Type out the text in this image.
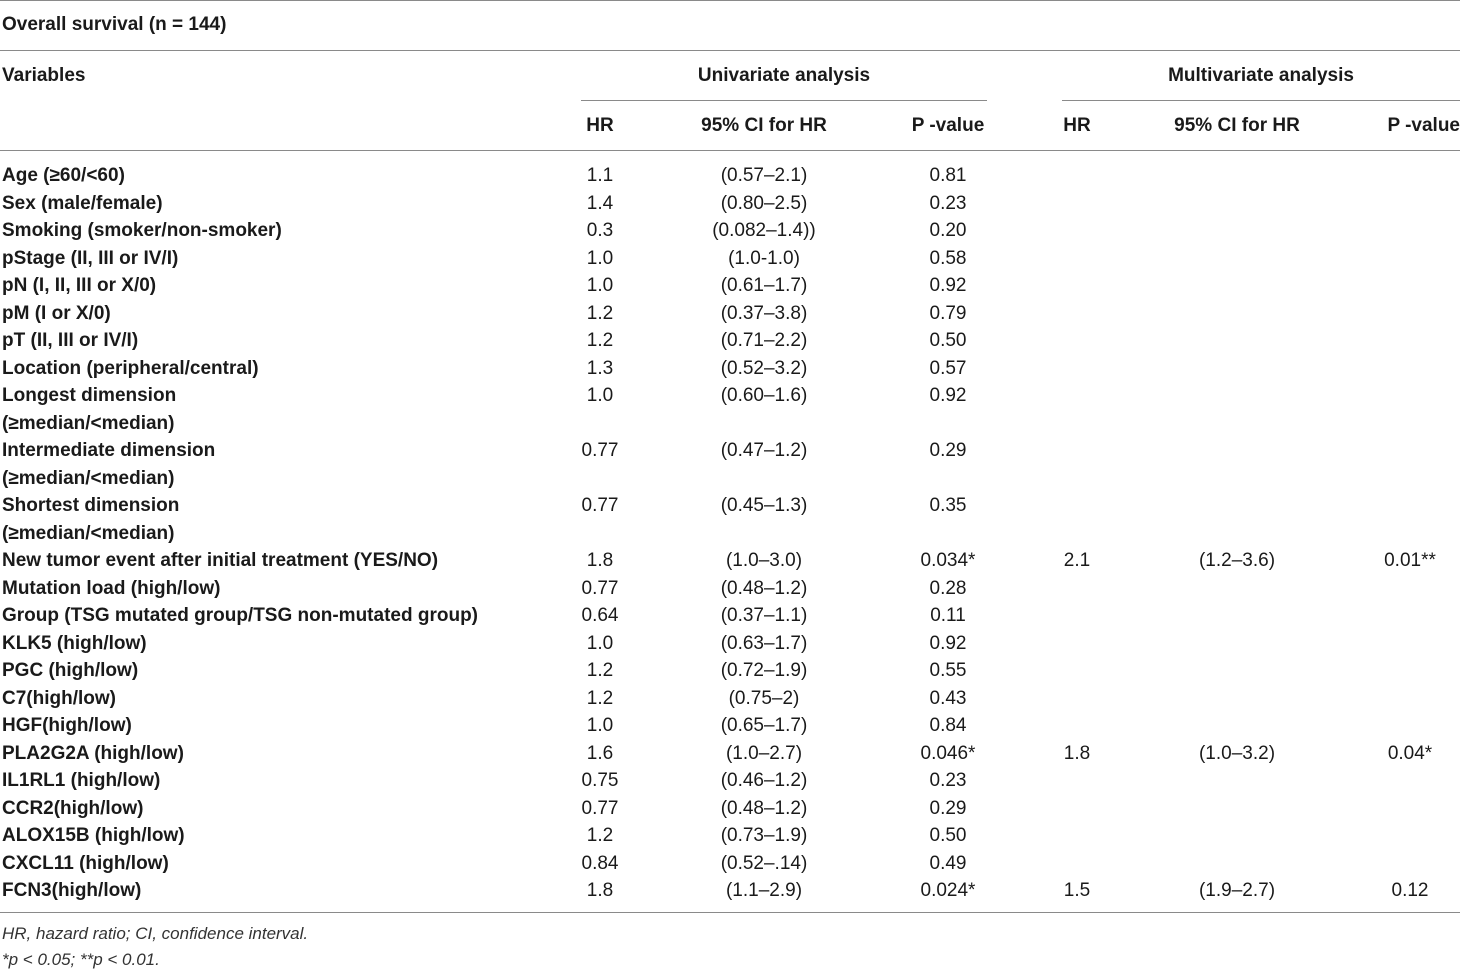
Overall survival (n = 144)
Variables	Univariate analysis	Multivariate analysis
HR	95% CI for HR	P -value	HR	95% CI for HR	P -value
Age (≥60/<60)	1.1		(0.57–2.1)		0.81						

Sex (male/female)	1.4		(0.80–2.5)		0.23						

Smoking (smoker/non-smoker)	0.3		(0.082–1.4))		0.20						

pStage (II, III or IV/I)	1.0		(1.0-1.0)		0.58						

pN (I, II, III or X/0)	1.0		(0.61–1.7)		0.92						

pM (I or X/0)	1.2		(0.37–3.8)		0.79						

pT (II, III or IV/I)	1.2		(0.71–2.2)		0.50						

Location (peripheral/central)	1.3		(0.52–3.2)		0.57						

Longest dimension
(≥median/<median)	1.0		(0.60–1.6)		0.92						

Intermediate dimension
(≥median/<median)	0.77		(0.47–1.2)		0.29						

Shortest dimension
(≥median/<median)	0.77		(0.45–1.3)		0.35						

New tumor event after initial treatment (YES/NO)	1.8		(1.0–3.0)		0.034*		2.1		(1.2–3.6)		0.01**

Mutation load (high/low)	0.77		(0.48–1.2)		0.28						

Group (TSG mutated group/TSG non-mutated group)	0.64		(0.37–1.1)		0.11						

KLK5 (high/low)	1.0		(0.63–1.7)		0.92						

PGC (high/low)	1.2		(0.72–1.9)		0.55						

C7(high/low)	1.2		(0.75–2)		0.43						

HGF(high/low)	1.0		(0.65–1.7)		0.84						

PLA2G2A (high/low)	1.6		(1.0–2.7)		0.046*		1.8		(1.0–3.2)		0.04*

IL1RL1 (high/low)	0.75		(0.46–1.2)		0.23						

CCR2(high/low)	0.77		(0.48–1.2)		0.29						

ALOX15B (high/low)	1.2		(0.73–1.9)		0.50						

CXCL11 (high/low)	0.84		(0.52–.14)		0.49						

FCN3(high/low)	1.8		(1.1–2.9)		0.024*		1.5		(1.9–2.7)		0.12
HR, hazard ratio; CI, confidence interval.
*p < 0.05; **p < 0.01.
